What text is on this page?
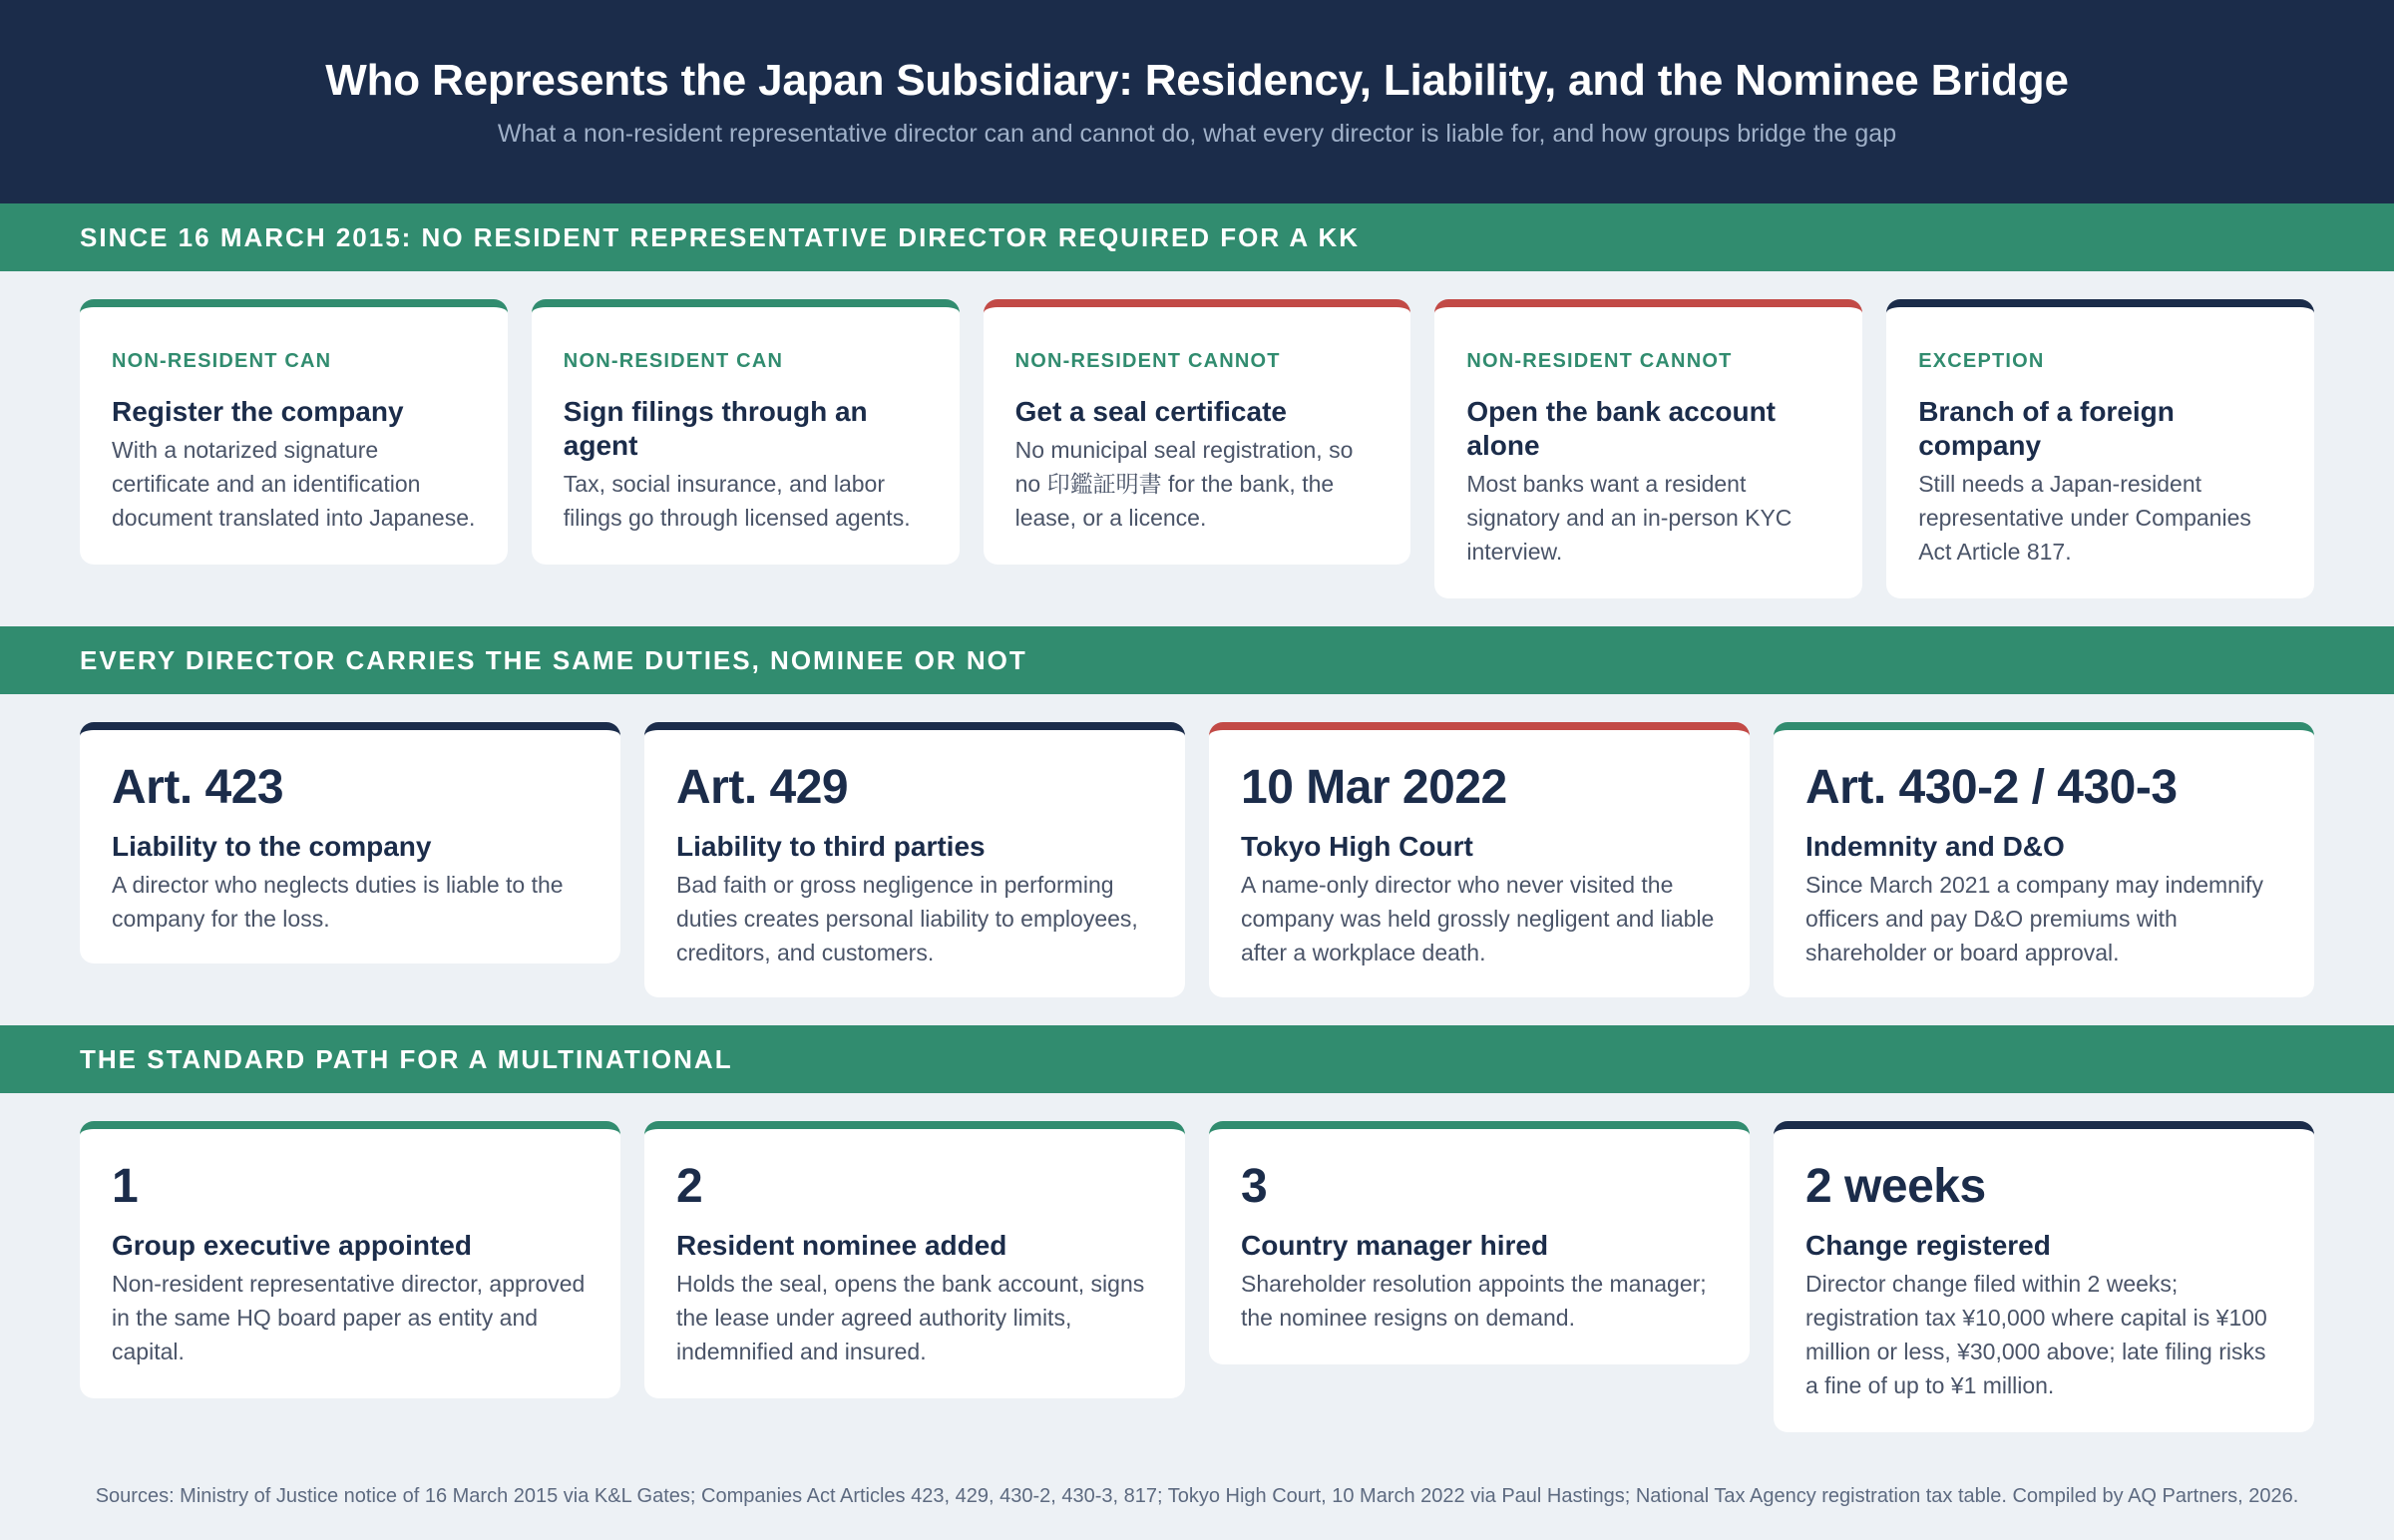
Who Represents the Japan Subsidiary: Residency, Liability, and the Nominee Bridge
What a non-resident representative director can and cannot do, what every director is liable for, and how groups bridge the gap
SINCE 16 MARCH 2015: NO RESIDENT REPRESENTATIVE DIRECTOR REQUIRED FOR A KK
NON-RESIDENT CAN
Register the company
With a notarized signature certificate and an identification document translated into Japanese.
NON-RESIDENT CAN
Sign filings through an agent
Tax, social insurance, and labor filings go through licensed agents.
NON-RESIDENT CANNOT
Get a seal certificate
No municipal seal registration, so no 印鑑証明書 for the bank, the lease, or a licence.
NON-RESIDENT CANNOT
Open the bank account alone
Most banks want a resident signatory and an in-person KYC interview.
EXCEPTION
Branch of a foreign company
Still needs a Japan-resident representative under Companies Act Article 817.
EVERY DIRECTOR CARRIES THE SAME DUTIES, NOMINEE OR NOT
Art. 423
Liability to the company
A director who neglects duties is liable to the company for the loss.
Art. 429
Liability to third parties
Bad faith or gross negligence in performing duties creates personal liability to employees, creditors, and customers.
10 Mar 2022
Tokyo High Court
A name-only director who never visited the company was held grossly negligent and liable after a workplace death.
Art. 430-2 / 430-3
Indemnity and D&O
Since March 2021 a company may indemnify officers and pay D&O premiums with shareholder or board approval.
THE STANDARD PATH FOR A MULTINATIONAL
1
Group executive appointed
Non-resident representative director, approved in the same HQ board paper as entity and capital.
2
Resident nominee added
Holds the seal, opens the bank account, signs the lease under agreed authority limits, indemnified and insured.
3
Country manager hired
Shareholder resolution appoints the manager; the nominee resigns on demand.
2 weeks
Change registered
Director change filed within 2 weeks; registration tax ¥10,000 where capital is ¥100 million or less, ¥30,000 above; late filing risks a fine of up to ¥1 million.
Sources: Ministry of Justice notice of 16 March 2015 via K&L Gates; Companies Act Articles 423, 429, 430-2, 430-3, 817; Tokyo High Court, 10 March 2022 via Paul Hastings; National Tax Agency registration tax table. Compiled by AQ Partners, 2026.
